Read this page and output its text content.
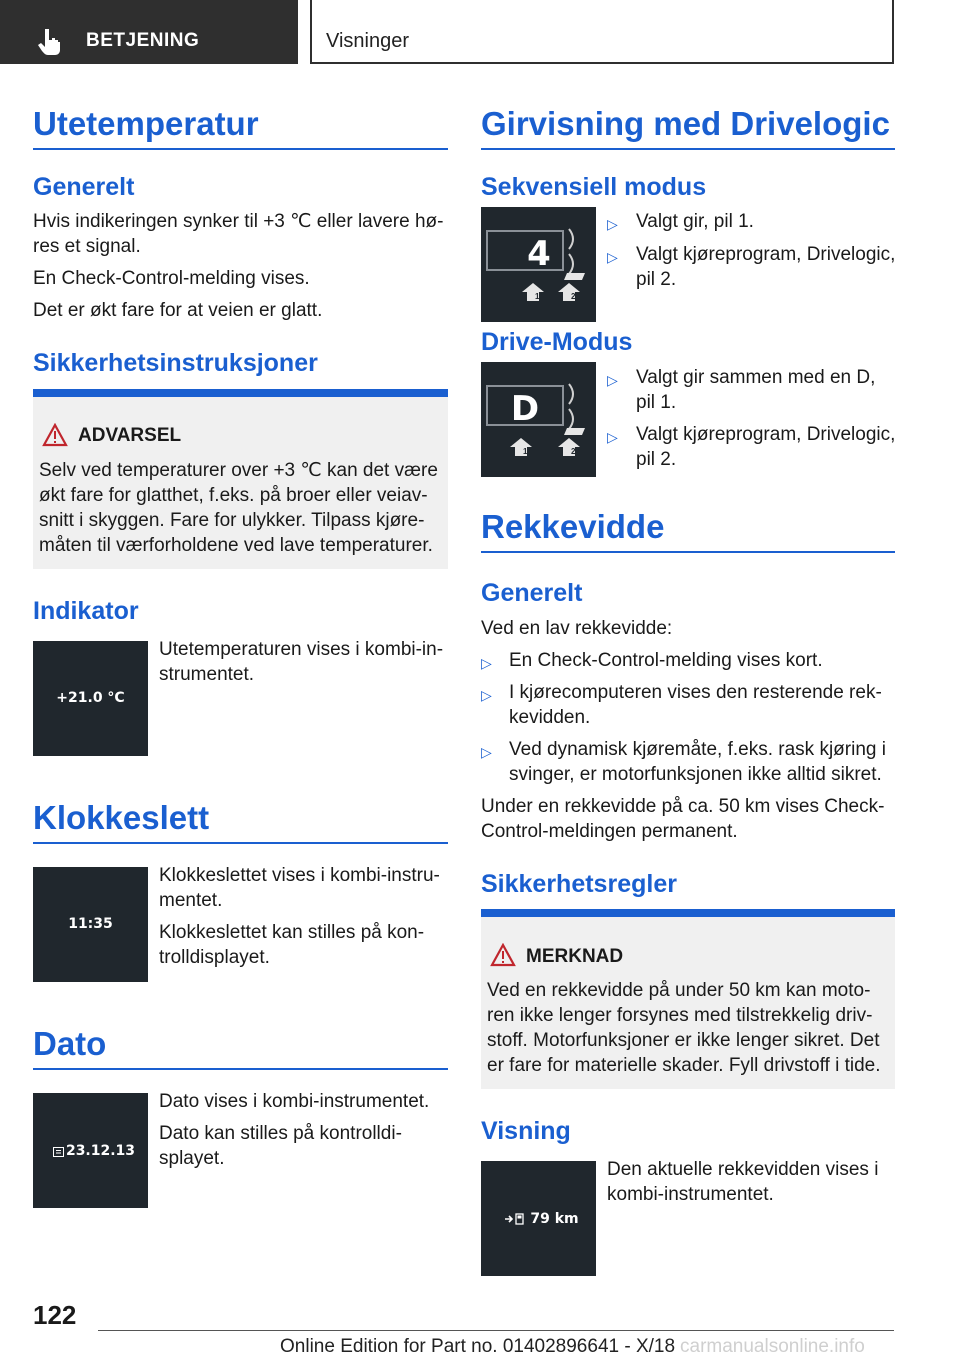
BETJENING	Visninger
Utetemperatur
Generelt

Hvis indikeringen synker til +3 ℃ eller lavere hø-

res et signal.

En Check-Control-melding vises.

Det er økt fare for at veien er glatt.

Sikkerhetsinstruksjoner
ADVARSEL

Selv ved temperaturer over +3 ℃ kan det være

økt fare for glatthet, f.eks. på broer eller veiav-

snitt i skyggen. Fare for ulykker. Tilpass kjøre-

måten til værforholdene ved lave temperaturer.

Indikator
+21.0 °C

Utetemperaturen vises i kombi-in-

strumentet.

Klokkeslett
11:35

Klokkeslettet vises i kombi-instru-

mentet.

Klokkeslettet kan stilles på kon-

trolldisplayet.

Dato
23.12.13

Dato vises i kombi-instrumentet.

Dato kan stilles på kontrolldi-

splayet.

Girvisning med Drivelogic
Sekvensiell modus
4
1	2
▷ Valgt gir, pil 1.
▷ Valgt kjøreprogram, Drivelogic,
pil 2.
Drive-Modus
D
1	2
▷ Valgt gir sammen med en D,
pil 1.
▷ Valgt kjøreprogram, Drivelogic,
pil 2.
Rekkevidde
Generelt

Ved en lav rekkevidde:

▷ En Check-Control-melding vises kort.
▷ I kjørecomputeren vises den resterende rek-
kevidden.
▷ Ved dynamisk kjøremåte, f.eks. rask kjøring i
svinger, er motorfunksjonen ikke alltid sikret.

Under en rekkevidde på ca. 50 km vises Check-

Control-meldingen permanent.

Sikkerhetsregler
MERKNAD

Ved en rekkevidde på under 50 km kan moto-

ren ikke lenger forsynes med tilstrekkelig driv-

stoff. Motorfunksjoner er ikke lenger sikret. Det

er fare for materielle skader. Fyll drivstoff i tide.

Visning
79 km

Den aktuelle rekkevidden vises i

kombi-instrumentet.

122
Online Edition for Part no. 01402896641 - X/18 carmanualsonline.info
